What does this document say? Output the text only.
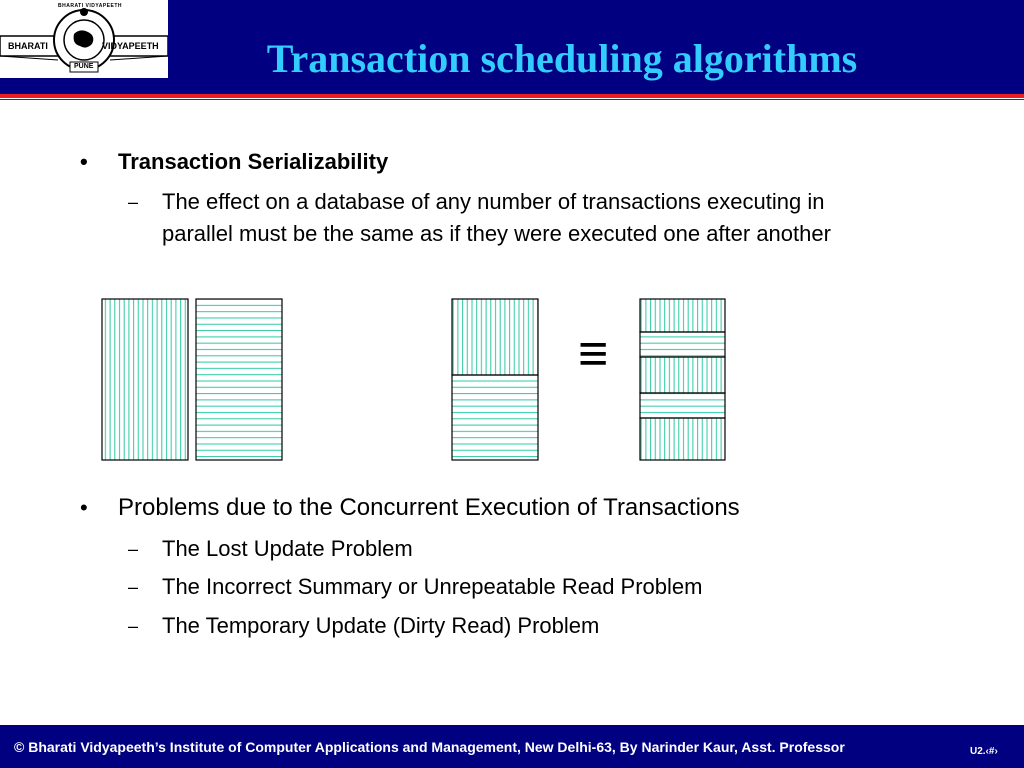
BHARATI	VIDYAPEETH
BHARATI VIDYAPEETH
PUNE	Transaction scheduling algorithms
• Transaction Serializability
– The effect on a database of any number of transactions executing in
parallel must be the same as if they were executed one after another
≡
• Problems due to the Concurrent Execution of Transactions
– The Lost Update Problem
– The Incorrect Summary or Unrepeatable Read Problem
– The Temporary Update (Dirty Read) Problem
© Bharati Vidyapeeth’s Institute of Computer Applications and Management, New Delhi-63, By Narinder Kaur, Asst. Professor	U2.‹#›
